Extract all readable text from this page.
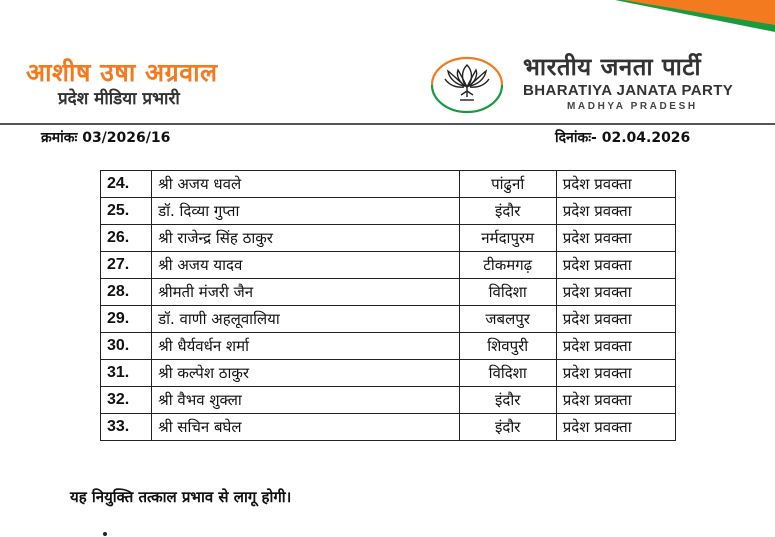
आशीष उषा अग्रवाल
प्रदेश मीडिया प्रभारी
भारतीय जनता पार्टी
BHARATIYA JANATA PARTY
MADHYA PRADESH
क्रमांकः 03/2026/16	दिनांकः- 02.04.2026
24.	श्री अजय धवले	पांढुर्ना	प्रदेश प्रवक्ता
25.	डॉ. दिव्या गुप्ता	इंदौर	प्रदेश प्रवक्ता
26.	श्री राजेन्द्र सिंह ठाकुर	नर्मदापुरम	प्रदेश प्रवक्ता
27.	श्री अजय यादव	टीकमगढ़	प्रदेश प्रवक्ता
28.	श्रीमती मंजरी जैन	विदिशा	प्रदेश प्रवक्ता
29.	डॉ. वाणी अहलूवालिया	जबलपुर	प्रदेश प्रवक्ता
30.	श्री धैर्यवर्धन शर्मा	शिवपुरी	प्रदेश प्रवक्ता
31.	श्री कल्पेश ठाकुर	विदिशा	प्रदेश प्रवक्ता
32.	श्री वैभव शुक्ला	इंदौर	प्रदेश प्रवक्ता
33.	श्री सचिन बघेल	इंदौर	प्रदेश प्रवक्ता
यह नियुक्ति तत्काल प्रभाव से लागू होगी।
